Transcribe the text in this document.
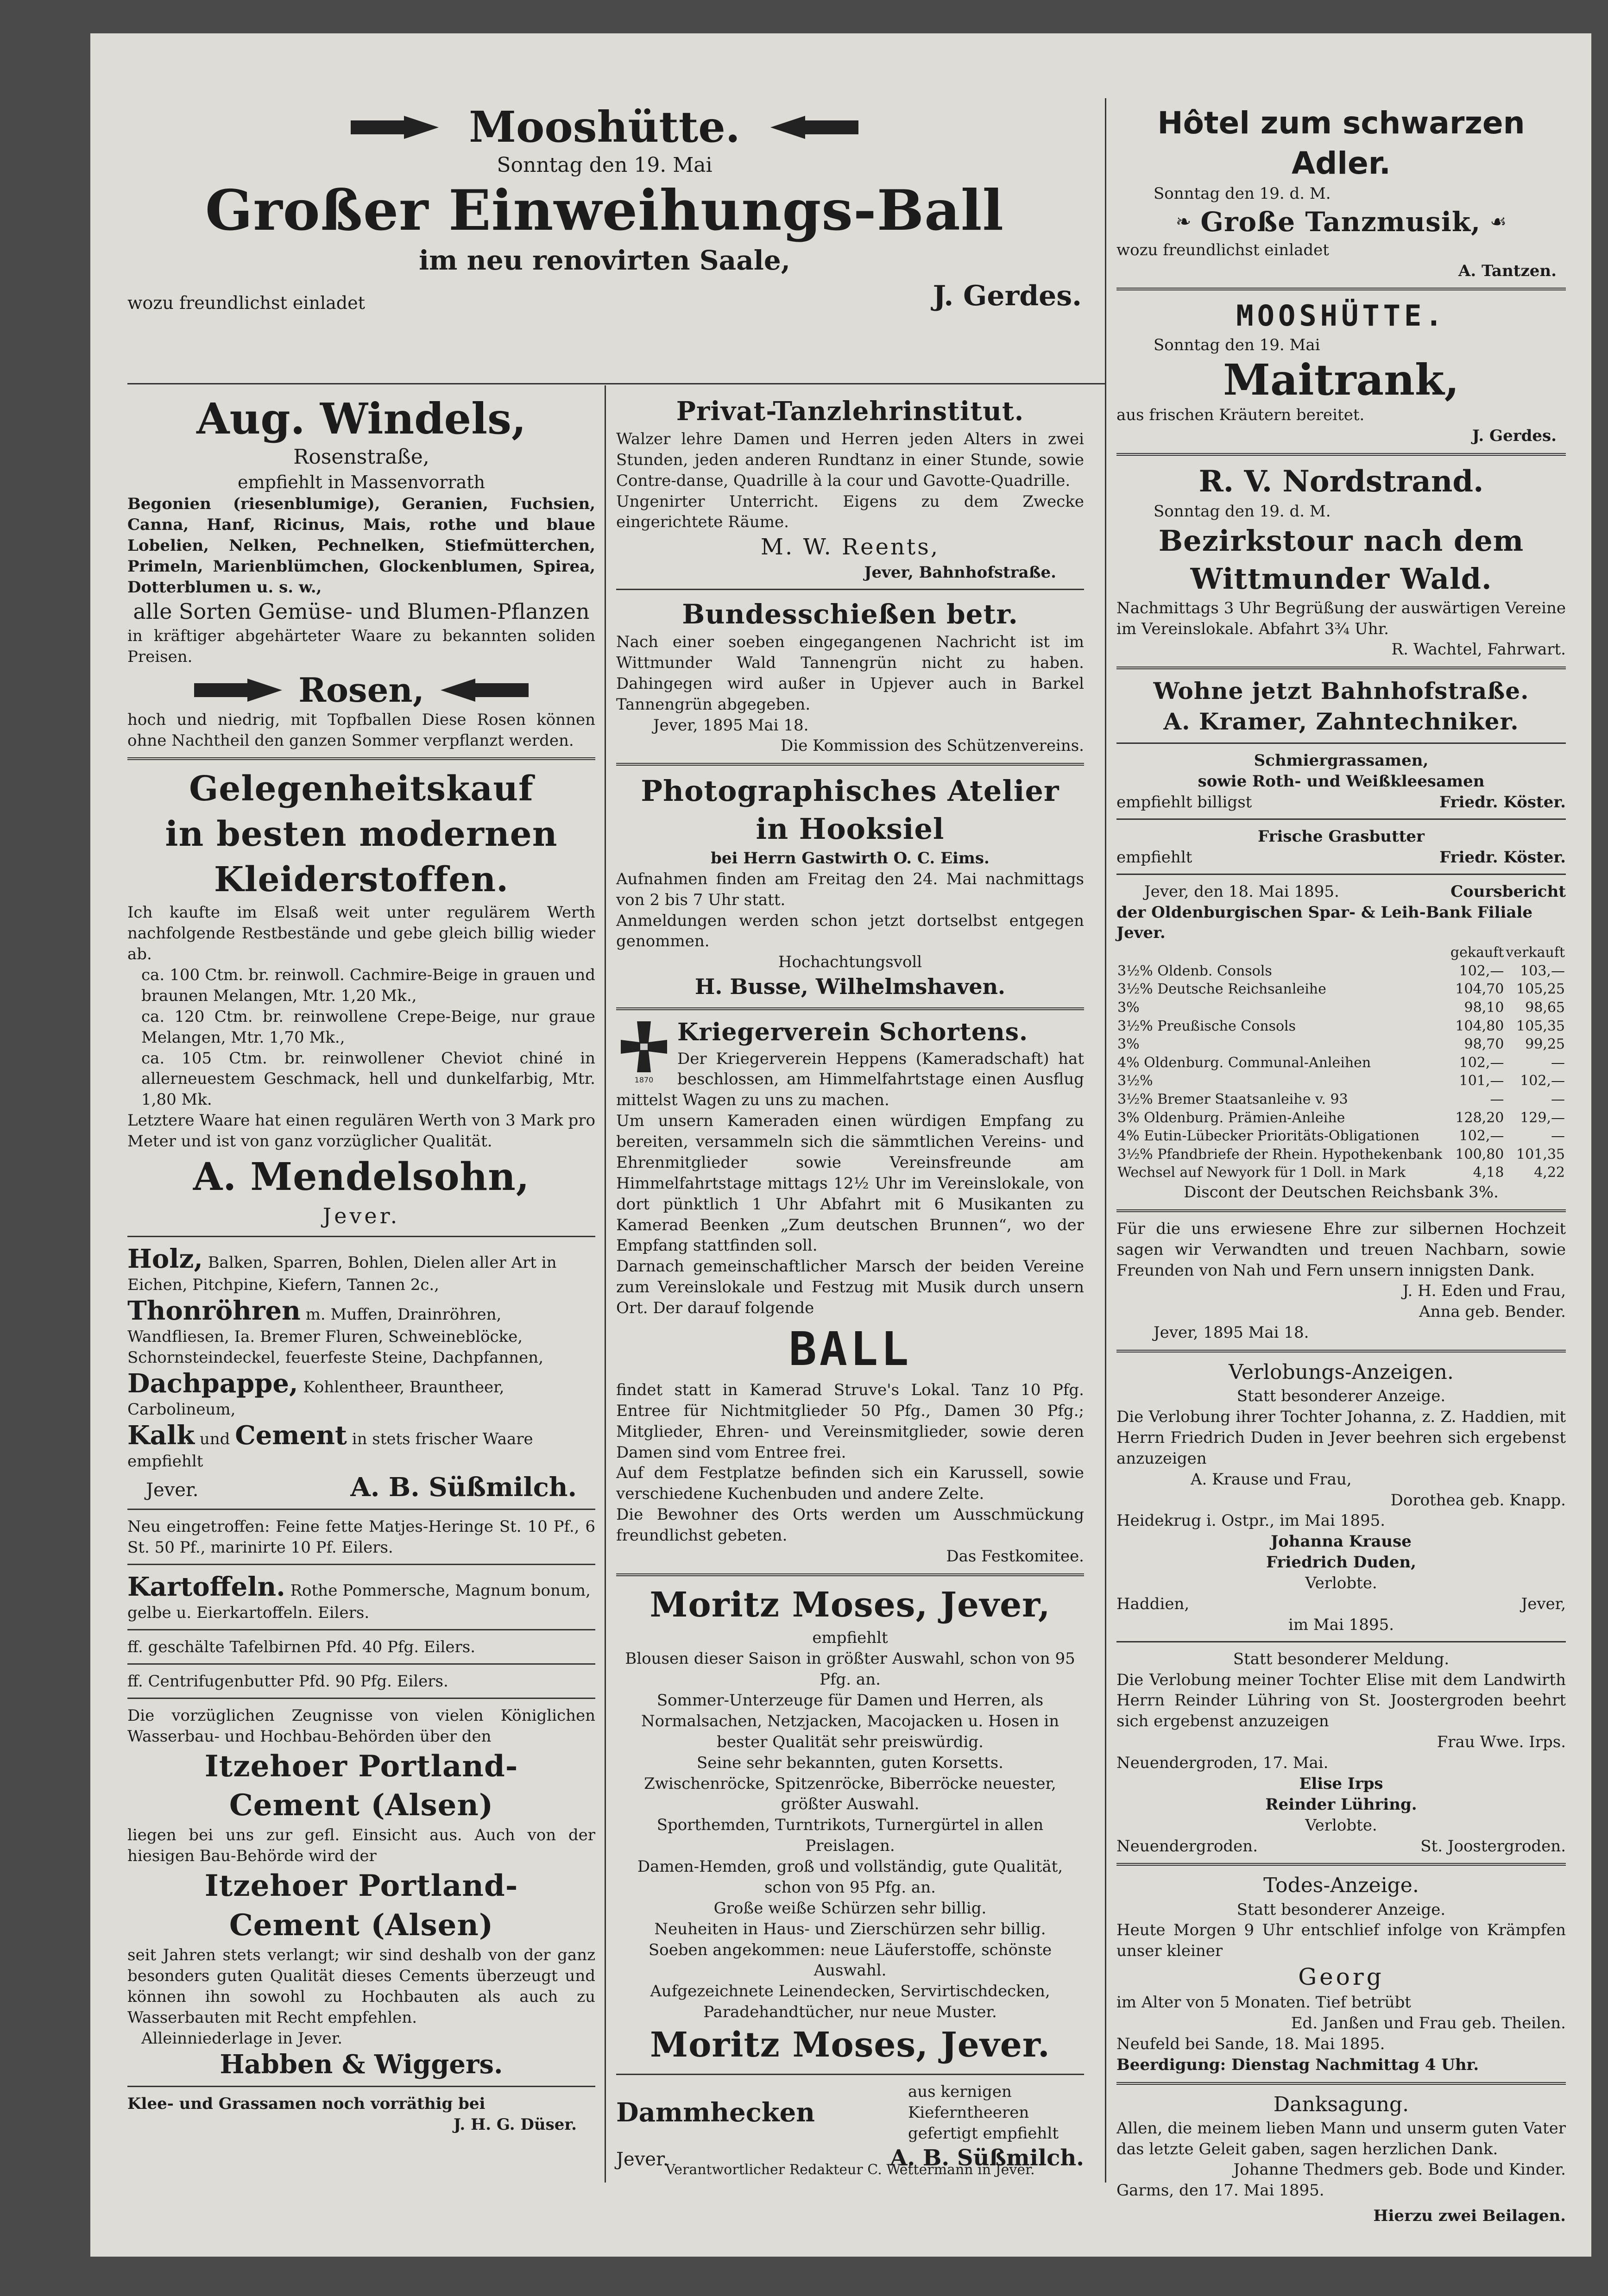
Mooshütte.
Sonntag den 19. Mai
Großer Einweihungs-Ball
im neu renovirten Saale,
wozu freundlichst einladet	J. Gerdes.
Aug. Windels,
Rosenstraße,
empfiehlt in Massenvorrath
Begonien (riesenblumige), Geranien, Fuchsien, Canna, Hanf, Ricinus, Mais, rothe und blaue Lobelien, Nelken, Pechnelken, Stiefmütterchen, Primeln, Marienblümchen, Glockenblumen, Spirea, Dotterblumen u. s. w.,
alle Sorten Gemüse- und Blumen-Pflanzen
in kräftiger abgehärteter Waare zu bekannten soliden Preisen.
Rosen,
hoch und niedrig, mit Topfballen Diese Rosen können ohne Nachtheil den ganzen Sommer verpflanzt werden.
Gelegenheitskauf
in besten modernen
Kleiderstoffen.
Ich kaufte im Elsaß weit unter regulärem Werth nachfolgende Restbestände und gebe gleich billig wieder ab.
ca. 100 Ctm. br. reinwoll. Cachmire-Beige in grauen und braunen Melangen, Mtr. 1,20 Mk.,
ca. 120 Ctm. br. reinwollene Crepe-Beige, nur graue Melangen, Mtr. 1,70 Mk.,
ca. 105 Ctm. br. reinwollener Cheviot chiné in allerneuestem Geschmack, hell und dunkelfarbig, Mtr. 1,80 Mk.
Letztere Waare hat einen regulären Werth von 3 Mark pro Meter und ist von ganz vorzüglicher Qualität.
A. Mendelsohn,
Jever.
Holz, Balken, Sparren, Bohlen, Dielen aller Art in Eichen, Pitchpine, Kiefern, Tannen 2c.,
Thonröhren m. Muffen, Drainröhren, Wandfliesen, Ia. Bremer Fluren, Schweineblöcke, Schornsteindeckel, feuerfeste Steine, Dachpfannen,
Dachpappe, Kohlentheer, Brauntheer, Carbolineum,
Kalk und Cement in stets frischer Waare
empfiehlt
Jever.	A. B. Süßmilch.
Neu eingetroffen: Feine fette Matjes-Heringe St. 10 Pf., 6 St. 50 Pf., marinirte 10 Pf. Eilers.
Kartoffeln. Rothe Pommersche, Magnum bonum, gelbe u. Eierkartoffeln. Eilers.
ff. geschälte Tafelbirnen Pfd. 40 Pfg. Eilers.
ff. Centrifugenbutter Pfd. 90 Pfg. Eilers.
Die vorzüglichen Zeugnisse von vielen Königlichen Wasserbau- und Hochbau-Behörden über den
Itzehoer Portland-
Cement (Alsen)
liegen bei uns zur gefl. Einsicht aus. Auch von der hiesigen Bau-Behörde wird der
Itzehoer Portland-
Cement (Alsen)
seit Jahren stets verlangt; wir sind deshalb von der ganz besonders guten Qualität dieses Cements überzeugt und können ihn sowohl zu Hochbauten als auch zu Wasserbauten mit Recht empfehlen.
Alleinniederlage in Jever.
Habben & Wiggers.
Klee- und Grassamen noch vorräthig bei
J. H. G. Düser.
Privat-Tanzlehrinstitut.
Walzer lehre Damen und Herren jeden Alters in zwei Stunden, jeden anderen Rundtanz in einer Stunde, sowie Contre-danse, Quadrille à la cour und Gavotte-Quadrille.
Ungenirter Unterricht. Eigens zu dem Zwecke eingerichtete Räume.
M. W. Reents,
Jever, Bahnhofstraße.
Bundesschießen betr.
Nach einer soeben eingegangenen Nachricht ist im Wittmunder Wald Tannengrün nicht zu haben. Dahingegen wird außer in Upjever auch in Barkel Tannengrün abgegeben.
Jever, 1895 Mai 18.
Die Kommission des Schützenvereins.
Photographisches Atelier
in Hooksiel
bei Herrn Gastwirth O. C. Eims.
Aufnahmen finden am Freitag den 24. Mai nachmittags von 2 bis 7 Uhr statt.
Anmeldungen werden schon jetzt dortselbst entgegen genommen.
Hochachtungsvoll
H. Busse, Wilhelmshaven.
1870
Kriegerverein Schortens.
Der Kriegerverein Heppens (Kameradschaft) hat beschlossen, am Himmelfahrtstage einen Ausflug mittelst Wagen zu uns zu machen.
Um unsern Kameraden einen würdigen Empfang zu bereiten, versammeln sich die sämmtlichen Vereins- und Ehrenmitglieder sowie Vereinsfreunde am Himmelfahrtstage mittags 12½ Uhr im Vereinslokale, von dort pünktlich 1 Uhr Abfahrt mit 6 Musikanten zu Kamerad Beenken „Zum deutschen Brunnen“, wo der Empfang stattfinden soll.
Darnach gemeinschaftlicher Marsch der beiden Vereine zum Vereinslokale und Festzug mit Musik durch unsern Ort. Der darauf folgende
BALL
findet statt in Kamerad Struve's Lokal. Tanz 10 Pfg. Entree für Nichtmitglieder 50 Pfg., Damen 30 Pfg.; Mitglieder, Ehren- und Vereinsmitglieder, sowie deren Damen sind vom Entree frei.
Auf dem Festplatze befinden sich ein Karussell, sowie verschiedene Kuchenbuden und andere Zelte.
Die Bewohner des Orts werden um Ausschmückung freundlichst gebeten.
Das Festkomitee.
Moritz Moses, Jever,
empfiehlt
Blousen dieser Saison in größter Auswahl, schon von 95 Pfg. an.
Sommer-Unterzeuge für Damen und Herren, als Normalsachen, Netzjacken, Macojacken u. Hosen in bester Qualität sehr preiswürdig.
Seine sehr bekannten, guten Korsetts.
Zwischenröcke, Spitzenröcke, Biberröcke neuester, größter Auswahl.
Sporthemden, Turntrikots, Turnergürtel in allen Preislagen.
Damen-Hemden, groß und vollständig, gute Qualität, schon von 95 Pfg. an.
Große weiße Schürzen sehr billig.
Neuheiten in Haus- und Zierschürzen sehr billig.
Soeben angekommen: neue Läuferstoffe, schönste Auswahl.
Aufgezeichnete Leinendecken, Servirtischdecken, Paradehandtücher, nur neue Muster.
Moritz Moses, Jever.
Dammhecken
aus kernigen Kieferntheeren gefertigt empfiehlt
Jever.	A. B. Süßmilch.
Hôtel zum schwarzen Adler.
Sonntag den 19. d. M.
❧ Große Tanzmusik, ☙
wozu freundlichst einladet
A. Tantzen.
MOOSHÜTTE.
Sonntag den 19. Mai
Maitrank,
aus frischen Kräutern bereitet.
J. Gerdes.
R. V. Nordstrand.
Sonntag den 19. d. M.
Bezirkstour nach dem
Wittmunder Wald.
Nachmittags 3 Uhr Begrüßung der auswärtigen Vereine im Vereinslokale. Abfahrt 3¾ Uhr.
R. Wachtel, Fahrwart.
Wohne jetzt Bahnhofstraße.
A. Kramer, Zahntechniker.
Schmiergrassamen,
sowie Roth- und Weißkleesamen
empfiehlt billigst	Friedr. Köster.
Frische Grasbutter
empfiehlt	Friedr. Köster.
Jever, den 18. Mai 1895.	Coursbericht
der Oldenburgischen Spar- & Leih-Bank Filiale Jever.
	gekauft	verkauft
3½% Oldenb. Consols	102,—	103,—
3½% Deutsche Reichsanleihe	104,70	105,25
3%	98,10	98,65
3½% Preußische Consols	104,80	105,35
3%	98,70	99,25
4% Oldenburg. Communal-Anleihen	102,—	—
3½%	101,—	102,—
3½% Bremer Staatsanleihe v. 93	—	—
3% Oldenburg. Prämien-Anleihe	128,20	129,—
4% Eutin-Lübecker Prioritäts-Obligationen	102,—	—
3½% Pfandbriefe der Rhein. Hypothekenbank	100,80	101,35
Wechsel auf Newyork für 1 Doll. in Mark	4,18	4,22
Discont der Deutschen Reichsbank 3%.
Für die uns erwiesene Ehre zur silbernen Hochzeit sagen wir Verwandten und treuen Nachbarn, sowie Freunden von Nah und Fern unsern innigsten Dank.
J. H. Eden und Frau,
Anna geb. Bender.
Jever, 1895 Mai 18.
Verlobungs-Anzeigen.
Statt besonderer Anzeige.
Die Verlobung ihrer Tochter Johanna, z. Z. Haddien, mit Herrn Friedrich Duden in Jever beehren sich ergebenst anzuzeigen
A. Krause und Frau,
Dorothea geb. Knapp.
Heidekrug i. Ostpr., im Mai 1895.
Johanna Krause
Friedrich Duden,
Verlobte.
Haddien,	Jever,
im Mai 1895.
Statt besonderer Meldung.
Die Verlobung meiner Tochter Elise mit dem Landwirth Herrn Reinder Lühring von St. Joostergroden beehrt sich ergebenst anzuzeigen
Frau Wwe. Irps.
Neuendergroden, 17. Mai.
Elise Irps
Reinder Lühring.
Verlobte.
Neuendergroden.	St. Joostergroden.
Todes-Anzeige.
Statt besonderer Anzeige.
Heute Morgen 9 Uhr entschlief infolge von Krämpfen unser kleiner
Georg
im Alter von 5 Monaten. Tief betrübt
Ed. Janßen und Frau geb. Theilen.
Neufeld bei Sande, 18. Mai 1895.
Beerdigung: Dienstag Nachmittag 4 Uhr.
Danksagung.
Allen, die meinem lieben Mann und unserm guten Vater das letzte Geleit gaben, sagen herzlichen Dank.
Johanne Thedmers geb. Bode und Kinder.
Garms, den 17. Mai 1895.
Hierzu zwei Beilagen.
Verantwortlicher Redakteur C. Wettermann in Jever.
